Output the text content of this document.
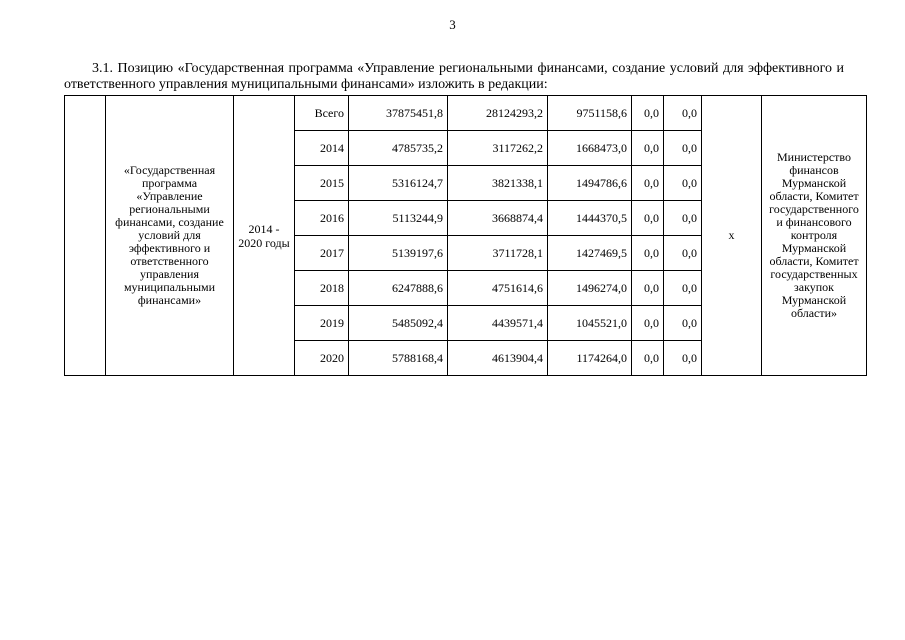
3
3.1. Позицию «Государственная программа «Управление региональными финансами, создание условий для эффективного и ответственного управления муниципальными финансами» изложить в редакции:
	«Государственная программа «Управление региональными финансами, создание условий для эффективного и ответственного управления муниципальными финансами»	2014 - 2020 годы	Всего	37875451,8	28124293,2	9751158,6	0,0	0,0	х	Министерство финансов Мурманской области, Комитет государственного и финансового контроля Мурманской области, Комитет государственных закупок Мурманской области»
			2014	4785735,2	3117262,2	1668473,0	0,0	0,0		
			2015	5316124,7	3821338,1	1494786,6	0,0	0,0		
			2016	5113244,9	3668874,4	1444370,5	0,0	0,0		
			2017	5139197,6	3711728,1	1427469,5	0,0	0,0		
			2018	6247888,6	4751614,6	1496274,0	0,0	0,0		
			2019	5485092,4	4439571,4	1045521,0	0,0	0,0		
			2020	5788168,4	4613904,4	1174264,0	0,0	0,0		
